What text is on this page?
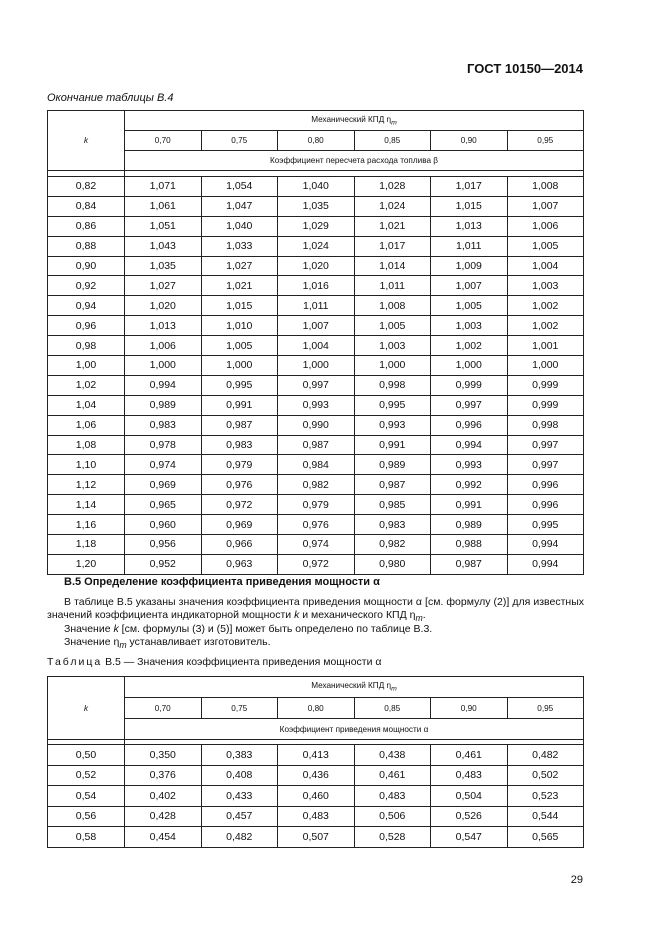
ГОСТ 10150—2014
Окончание таблицы В.4
k	Механический КПД $\eta_m$
	0,70	0,75	0,80	0,85	0,90	0,95
	Коэффициент пересчета расхода топлива β					

0,82	1,071	1,054	1,040	1,028	1,017	1,008
0,84	1,061	1,047	1,035	1,024	1,015	1,007
0,86	1,051	1,040	1,029	1,021	1,013	1,006
0,88	1,043	1,033	1,024	1,017	1,011	1,005
0,90	1,035	1,027	1,020	1,014	1,009	1,004
0,92	1,027	1,021	1,016	1,011	1,007	1,003
0,94	1,020	1,015	1,011	1,008	1,005	1,002
0,96	1,013	1,010	1,007	1,005	1,003	1,002
0,98	1,006	1,005	1,004	1,003	1,002	1,001
1,00	1,000	1,000	1,000	1,000	1,000	1,000
1,02	0,994	0,995	0,997	0,998	0,999	0,999
1,04	0,989	0,991	0,993	0,995	0,997	0,999
1,06	0,983	0,987	0,990	0,993	0,996	0,998
1,08	0,978	0,983	0,987	0,991	0,994	0,997
1,10	0,974	0,979	0,984	0,989	0,993	0,997
1,12	0,969	0,976	0,982	0,987	0,992	0,996
1,14	0,965	0,972	0,979	0,985	0,991	0,996
1,16	0,960	0,969	0,976	0,983	0,989	0,995
1,18	0,956	0,966	0,974	0,982	0,988	0,994
1,20	0,952	0,963	0,972	0,980	0,987	0,994
В.5 Определение коэффициента приведения мощности α
В таблице В.5 указаны значения коэффициента приведения мощности α [см. формулу (2)] для известных значений коэффициента индикаторной мощности k и механического КПД $\eta_m$.
Значение k [см. формулы (3) и (5)] может быть определено по таблице В.3.
Значение $\eta_m$ устанавливает изготовитель.
Таблица В.5 — Значения коэффициента приведения мощности α
k	Механический КПД $\eta_m$
	0,70	0,75	0,80	0,85	0,90	0,95
	Коэффициент приведения мощности α					

0,50	0,350	0,383	0,413	0,438	0,461	0,482
0,52	0,376	0,408	0,436	0,461	0,483	0,502
0,54	0,402	0,433	0,460	0,483	0,504	0,523
0,56	0,428	0,457	0,483	0,506	0,526	0,544
0,58	0,454	0,482	0,507	0,528	0,547	0,565
29
